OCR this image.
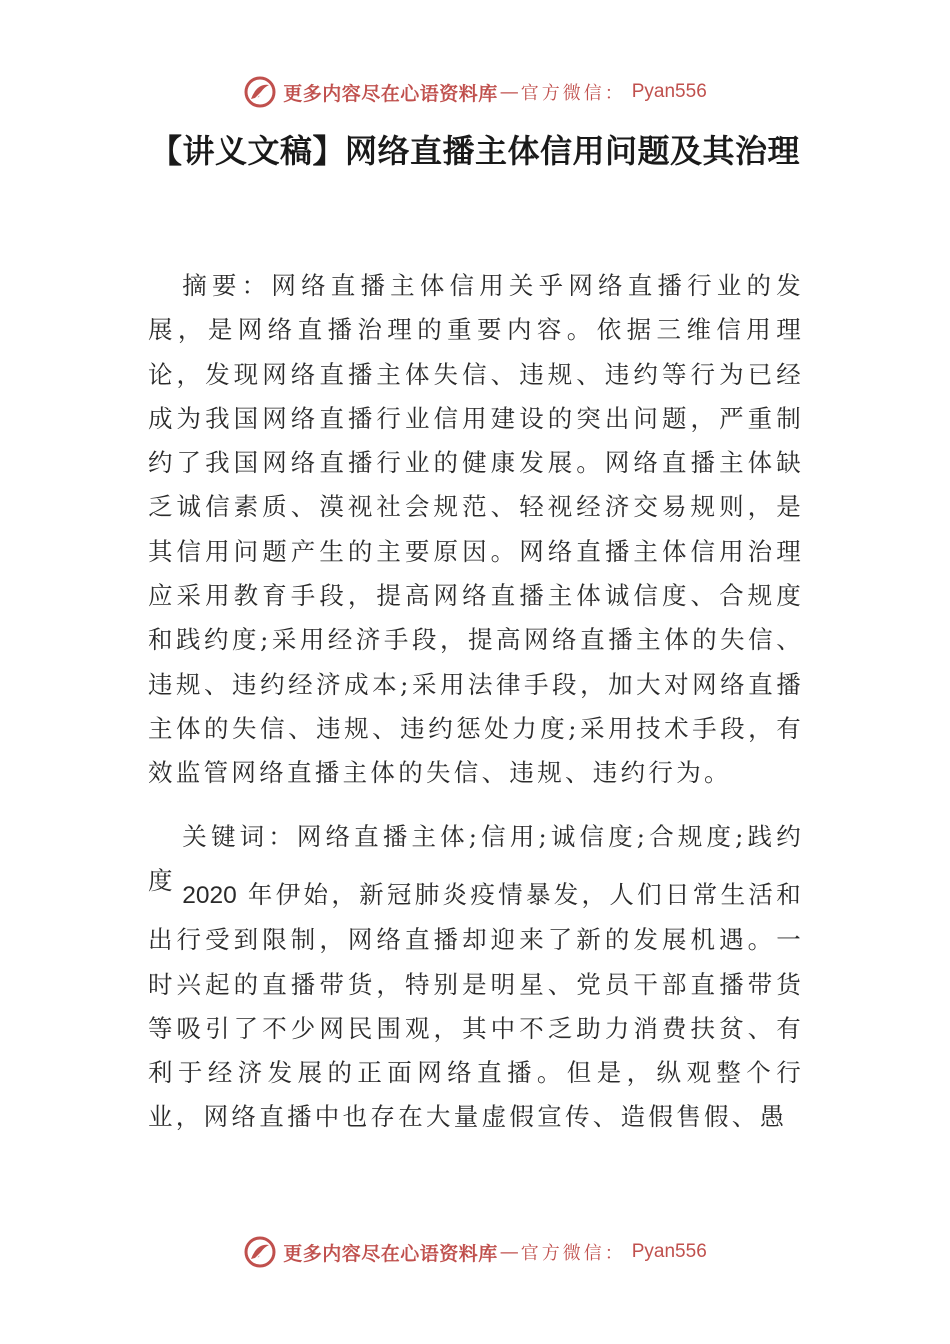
更多内容尽在心语资料库 — 官方微信： Pyan556
【讲义文稿】网络直播主体信用问题及其治理

摘要：网络直播主体信用关乎网络直播行业的发展，是网络直播治理的重要内容。依据三维信用理论，发现网络直播主体失信、违规、违约等行为已经成为我国网络直播行业信用建设的突出问题，严重制约了我国网络直播行业的健康发展。网络直播主体缺乏诚信素质、漠视社会规范、轻视经济交易规则，是其信用问题产生的主要原因。网络直播主体信用治理应采用教育手段，提高网络直播主体诚信度、合规度和践约度;采用经济手段，提高网络直播主体的失信、违规、违约经济成本;采用法律手段，加大对网络直播主体的失信、违规、违约惩处力度;采用技术手段，有效监管网络直播主体的失信、违规、违约行为。

关键词：网络直播主体;信用;诚信度;合规度;践约度

2020 年伊始，新冠肺炎疫情暴发，人们日常生活和出行受到限制，网络直播却迎来了新的发展机遇。一时兴起的直播带货，特别是明星、党员干部直播带货等吸引了不少网民围观，其中不乏助力消费扶贫、有利于经济发展的正面网络直播。但是，纵观整个行业，网络直播中也存在大量虚假宣传、造假售假、愚

更多内容尽在心语资料库 — 官方微信： Pyan556
